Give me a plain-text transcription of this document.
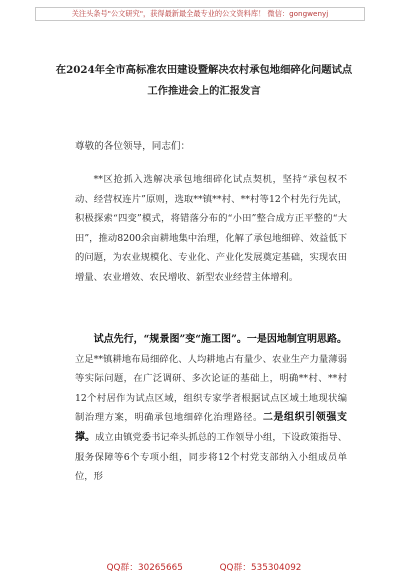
关注头条号"公文研究"，获得最新最全最专业的公文资料库！ 微信：gongwenyj
在2024年全市高标准农田建设暨解决农村承包地细碎化问题试点工作推进会上的汇报发言
尊敬的各位领导，同志们：

**区抢抓入选解决承包地细碎化试点契机，坚持“承包权不动、经营权连片”原则，选取**镇**村、**村等12个村先行先试，积极探索“四变”模式，将错落分布的“小田”整合成方正平整的“大田”，推动8200余亩耕地集中治理，化解了承包地细碎、效益低下的问题，为农业规模化、专业化、产业化发展奠定基础，实现农田增量、农业增效、农民增收、新型农业经营主体增利。

试点先行，“规景图”变“施工图”。一是因地制宜明思路。立足**镇耕地布局细碎化、人均耕地占有量少、农业生产力量薄弱等实际问题，在广泛调研、多次论证的基础上，明确**村、**村12个村居作为试点区域，组织专家学者根据试点区域土地现状编制治理方案，明确承包地细碎化治理路径。二是组织引领强支撑。成立由镇党委书记牵头抓总的工作领导小组，下设政策指导、服务保障等6个专项小组，同步将12个村党支部纳入小组成员单位，形

QQ群：30265665	QQ群：535304092
